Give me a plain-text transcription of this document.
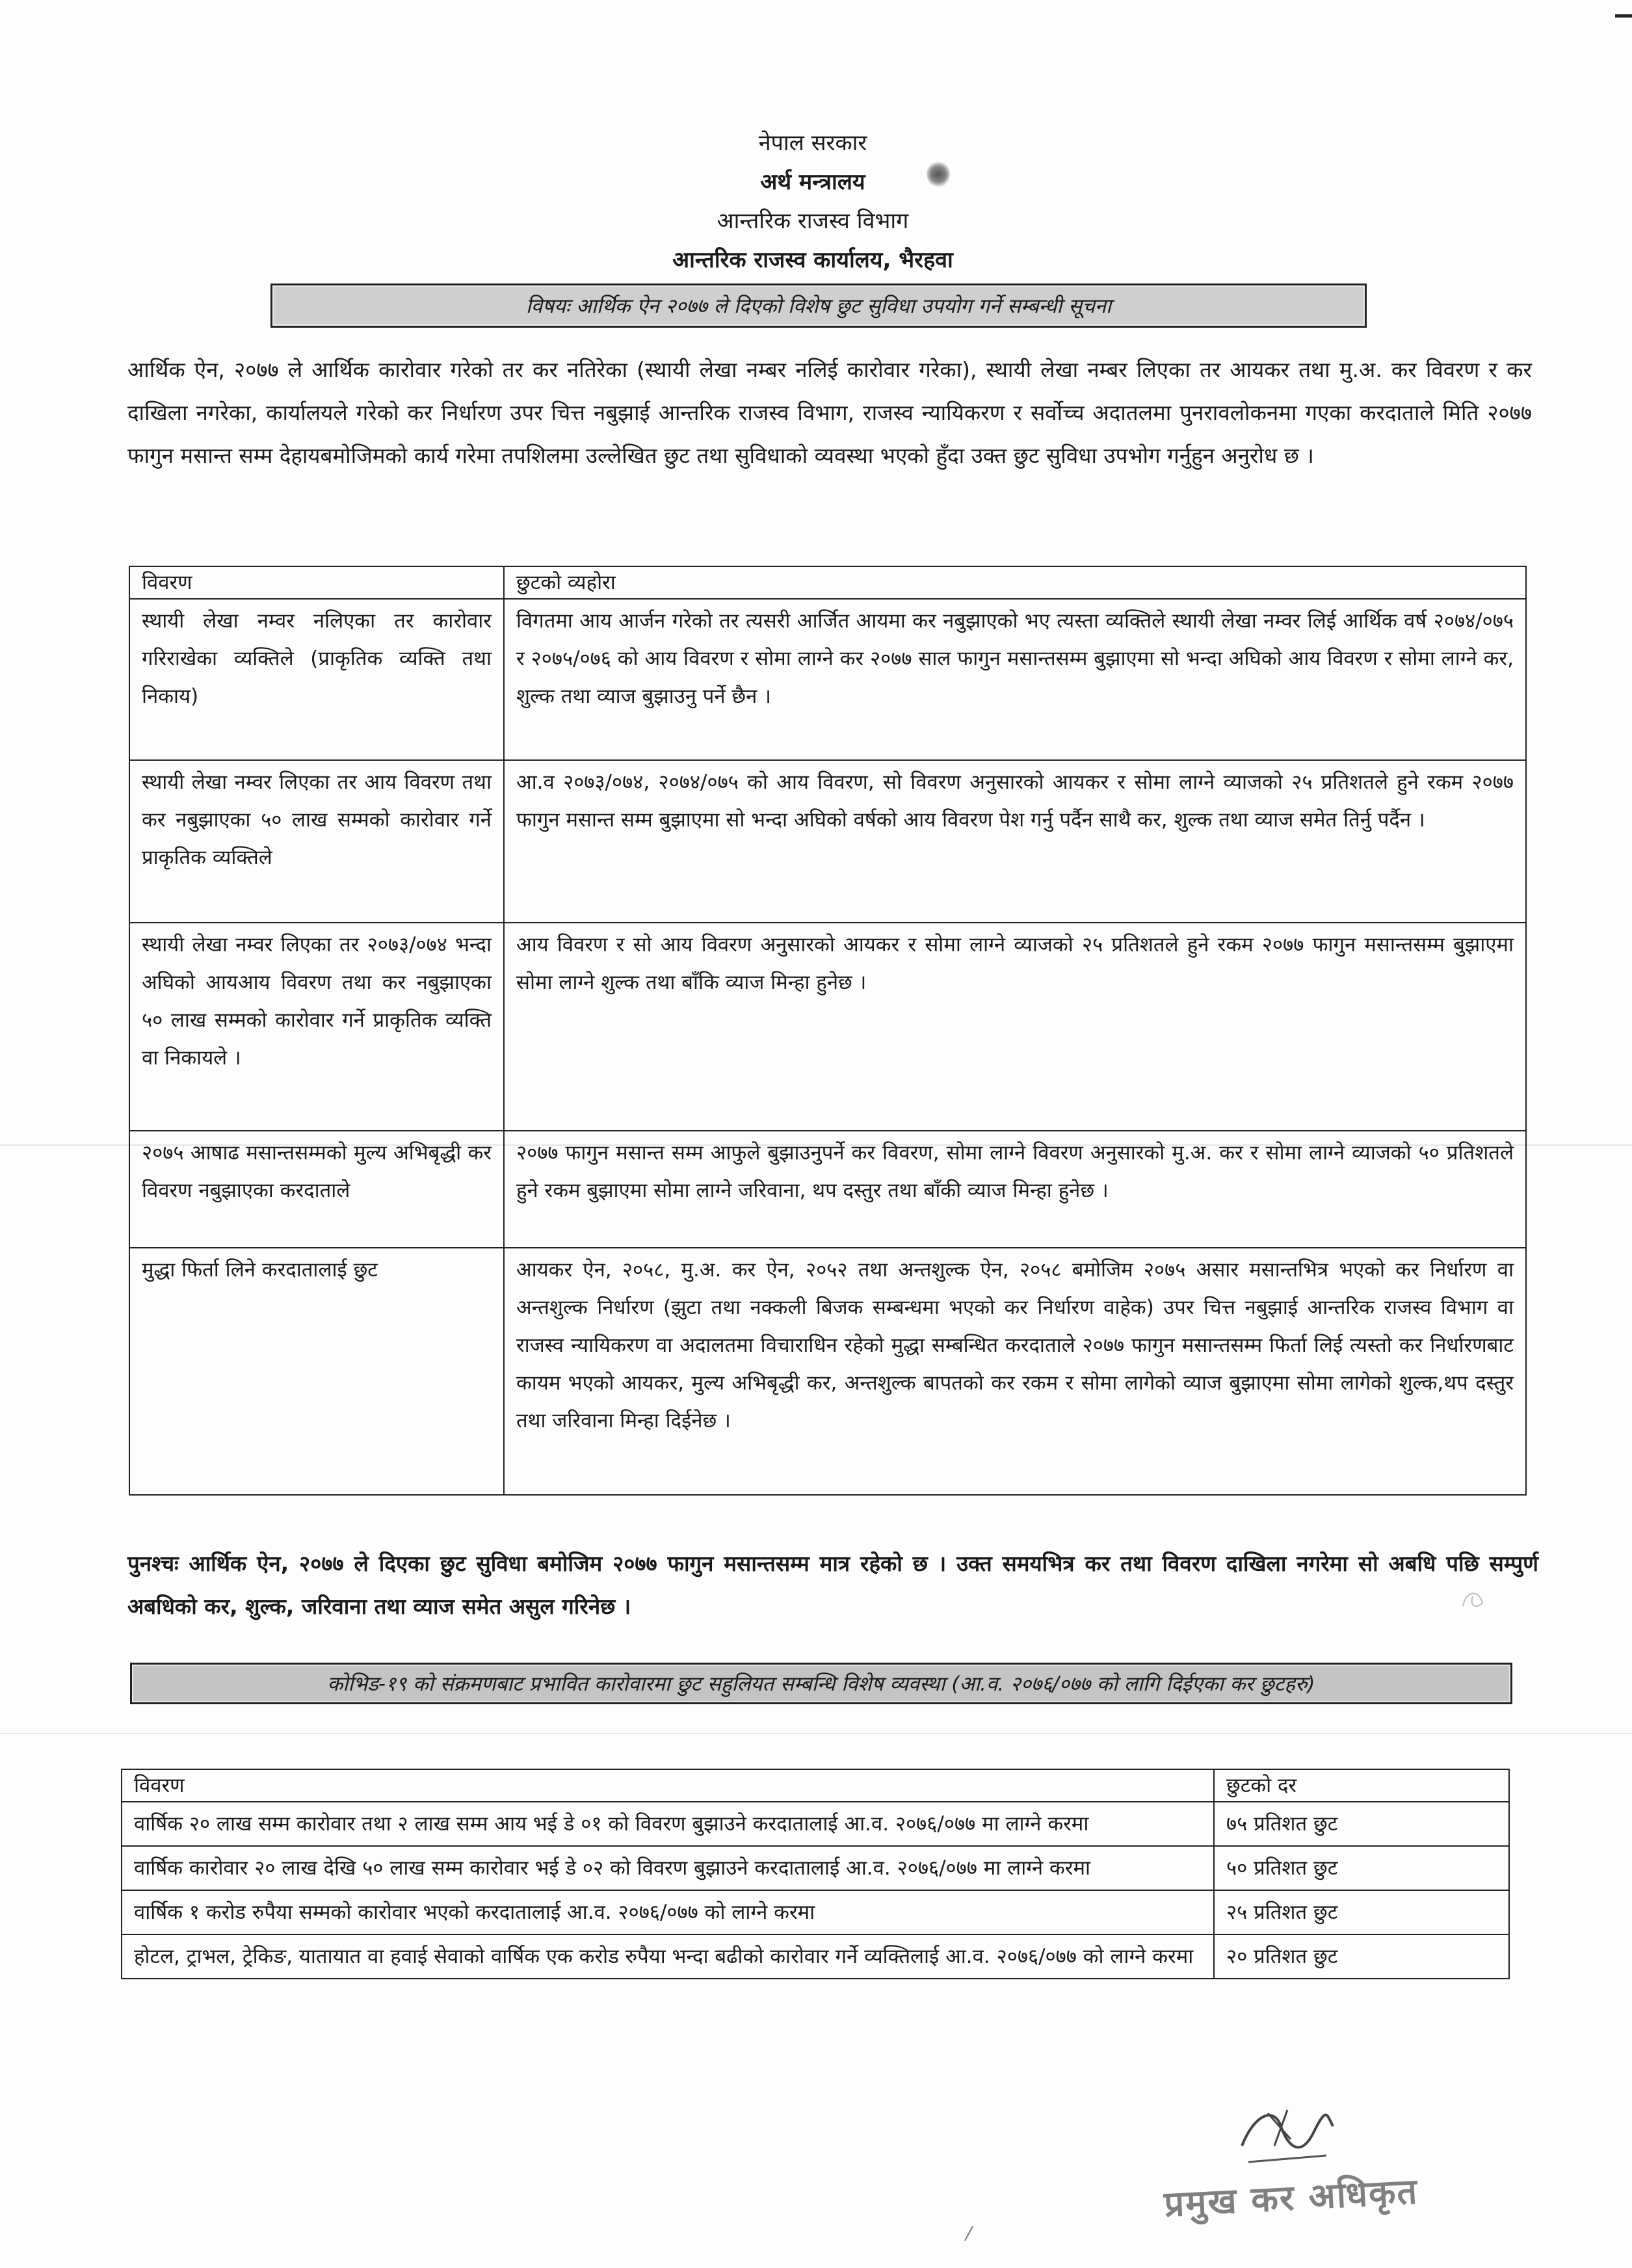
नेपाल सरकार
अर्थ मन्त्रालय
आन्तरिक राजस्व विभाग
आन्तरिक राजस्व कार्यालय, भैरहवा
विषयः आर्थिक ऐन २०७७ ले दिएको विशेष छुट सुविधा उपयोग गर्ने सम्बन्धी सूचना
आर्थिक ऐन, २०७७ ले आर्थिक कारोवार गरेको तर कर नतिरेका (स्थायी लेखा नम्बर नलिई कारोवार गरेका), स्थायी लेखा नम्बर लिएका तर आयकर तथा मु.अ. कर विवरण र कर दाखिला नगरेका, कार्यालयले गरेको कर निर्धारण उपर चित्त नबुझाई आन्तरिक राजस्व विभाग, राजस्व न्यायिकरण र सर्वोच्च अदातलमा पुनरावलोकनमा गएका करदाताले मिति २०७७ फागुन मसान्त सम्म देहायबमोजिमको कार्य गरेमा तपशिलमा उल्लेखित छुट तथा सुविधाको व्यवस्था भएको हुँदा उक्त छुट सुविधा उपभोग गर्नुहुन अनुरोध छ ।
विवरण	छुटको व्यहोरा
स्थायी लेखा नम्वर नलिएका तर कारोवार गरिराखेका व्यक्तिले (प्राकृतिक व्यक्ति तथा निकाय)	विगतमा आय आर्जन गरेको तर त्यसरी आर्जित आयमा कर नबुझाएको भए त्यस्ता व्यक्तिले स्थायी लेखा नम्वर लिई आर्थिक वर्ष २०७४/०७५ र २०७५/०७६ को आय विवरण र सोमा लाग्ने कर २०७७ साल फागुन मसान्तसम्म बुझाएमा सो भन्दा अघिको आय विवरण र सोमा लाग्ने कर, शुल्क तथा व्याज बुझाउनु पर्ने छैन ।
स्थायी लेखा नम्वर लिएका तर आय विवरण तथा कर नबुझाएका ५० लाख सम्मको कारोवार गर्ने प्राकृतिक व्यक्तिले	आ.व २०७३/०७४, २०७४/०७५ को आय विवरण, सो विवरण अनुसारको आयकर र सोमा लाग्ने व्याजको २५ प्रतिशतले हुने रकम २०७७ फागुन मसान्त सम्म बुझाएमा सो भन्दा अघिको वर्षको आय विवरण पेश गर्नु पर्दैन साथै कर, शुल्क तथा व्याज समेत तिर्नु पर्दैन ।
स्थायी लेखा नम्वर लिएका तर २०७३/०७४ भन्दा अघिको आयआय विवरण तथा कर नबुझाएका ५० लाख सम्मको कारोवार गर्ने प्राकृतिक व्यक्ति वा निकायले ।	आय विवरण र सो आय विवरण अनुसारको आयकर र सोमा लाग्ने व्याजको २५ प्रतिशतले हुने रकम २०७७ फागुन मसान्तसम्म बुझाएमा सोमा लाग्ने शुल्क तथा बाँकि व्याज मिन्हा हुनेछ ।
२०७५ आषाढ मसान्तसम्मको मुल्य अभिबृद्धी कर विवरण नबुझाएका करदाताले	२०७७ फागुन मसान्त सम्म आफुले बुझाउनुपर्ने कर विवरण, सोमा लाग्ने विवरण अनुसारको मु.अ. कर र सोमा लाग्ने व्याजको ५० प्रतिशतले हुने रकम बुझाएमा सोमा लाग्ने जरिवाना, थप दस्तुर तथा बाँकी व्याज मिन्हा हुनेछ ।
मुद्धा फिर्ता लिने करदातालाई छुट	आयकर ऐन, २०५८, मु.अ. कर ऐन, २०५२ तथा अन्तशुल्क ऐन, २०५८ बमोजिम २०७५ असार मसान्तभित्र भएको कर निर्धारण वा अन्तशुल्क निर्धारण (झुटा तथा नक्कली बिजक सम्बन्धमा भएको कर निर्धारण वाहेक) उपर चित्त नबुझाई आन्तरिक राजस्व विभाग वा राजस्व न्यायिकरण वा अदालतमा विचाराधिन रहेको मुद्धा सम्बन्धित करदाताले २०७७ फागुन मसान्तसम्म फिर्ता लिई त्यस्तो कर निर्धारणबाट कायम भएको आयकर, मुल्य अभिबृद्धी कर, अन्तशुल्क बापतको कर रकम र सोमा लागेको व्याज बुझाएमा सोमा लागेको शुल्क,थप दस्तुर तथा जरिवाना मिन्हा दिईनेछ ।
पुनश्चः आर्थिक ऐन, २०७७ ले दिएका छुट सुविधा बमोजिम २०७७ फागुन मसान्तसम्म मात्र रहेको छ । उक्त समयभित्र कर तथा विवरण दाखिला नगरेमा सो अबधि पछि सम्पुर्ण अबधिको कर, शुल्क, जरिवाना तथा व्याज समेत असुल गरिनेछ ।
कोभिड-१९ को संक्रमणबाट प्रभावित कारोवारमा छुट सहुलियत सम्बन्धि विशेष व्यवस्था (आ.व. २०७६/०७७ को लागि दिईएका कर छुटहरु)
विवरण	छुटको दर
वार्षिक २० लाख सम्म कारोवार तथा २ लाख सम्म आय भई डे ०१ को विवरण बुझाउने करदातालाई आ.व. २०७६/०७७ मा लाग्ने करमा	७५ प्रतिशत छुट
वार्षिक कारोवार २० लाख देखि ५० लाख सम्म कारोवार भई डे ०२ को विवरण बुझाउने करदातालाई आ.व. २०७६/०७७ मा लाग्ने करमा	५० प्रतिशत छुट
वार्षिक १ करोड रुपैया सम्मको कारोवार भएको करदातालाई आ.व. २०७६/०७७ को लाग्ने करमा	२५ प्रतिशत छुट
होटल, ट्राभल, ट्रेकिङ, यातायात वा हवाई सेवाको वार्षिक एक करोड रुपैया भन्दा बढीको कारोवार गर्ने व्यक्तिलाई आ.व. २०७६/०७७ को लाग्ने करमा	२० प्रतिशत छुट
प्रमुख कर अधिकृत
